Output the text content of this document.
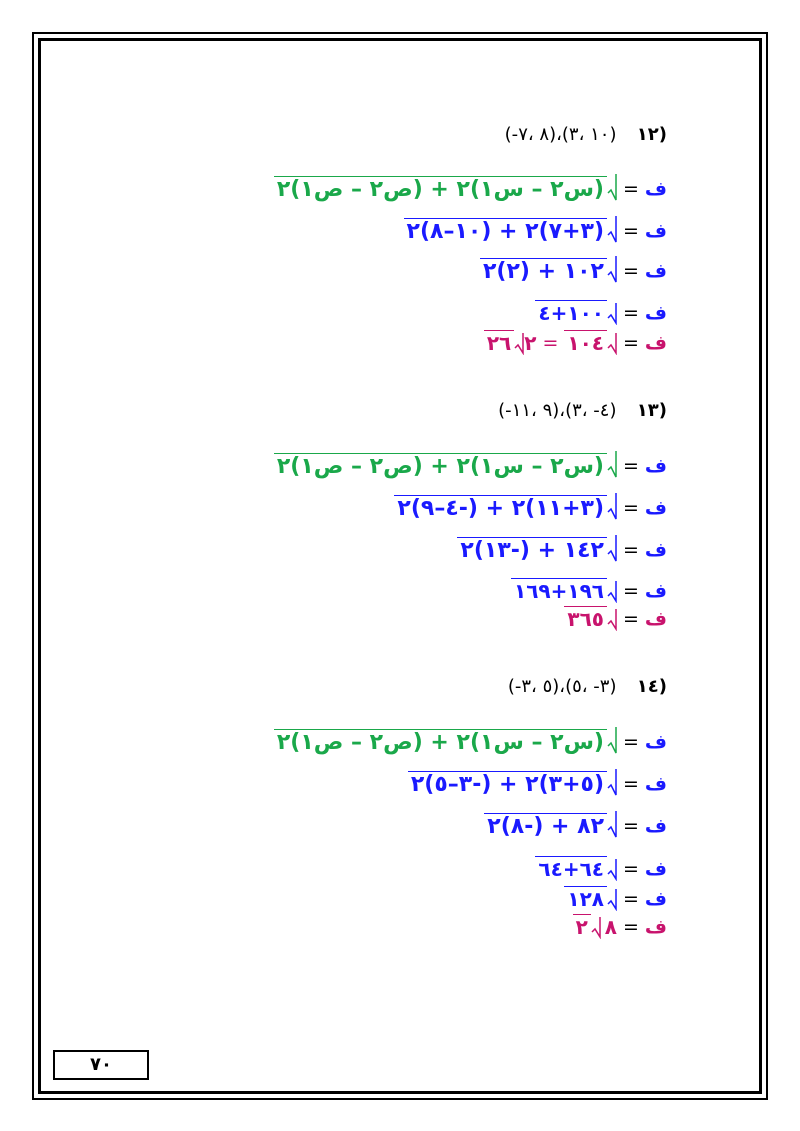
(١٢ (١٠ ،٣)،(٨ ،٧-)
ف
=
(س٢ – س١)٢ + (ص٢ – ص١)٢
ف
=
(٣+٧)٢ + (١٠–٨)٢
ف
=
١٠٢ + (٢)٢
ف
=
١٠٠+٤
ف
=
١٠٤
=
٢
٢٦
(١٣ (٤- ،٣)،(٩ ،١١-)
ف
=
(س٢ – س١)٢ + (ص٢ – ص١)٢
ف
=
(٣+١١)٢ + (-٤–٩)٢
ف
=
١٤٢ + (-١٣)٢
ف
=
١٩٦+١٦٩
ف
=
٣٦٥
(١٤ (٣- ،٥)،(٥ ،٣-)
ف
=
(س٢ – س١)٢ + (ص٢ – ص١)٢
ف
=
(٥+٣)٢ + (-٣–٥)٢
ف
=
٨٢ + (-٨)٢
ف
=
٦٤+٦٤
ف
=
١٢٨
ف
=
٨
٢
٧٠
